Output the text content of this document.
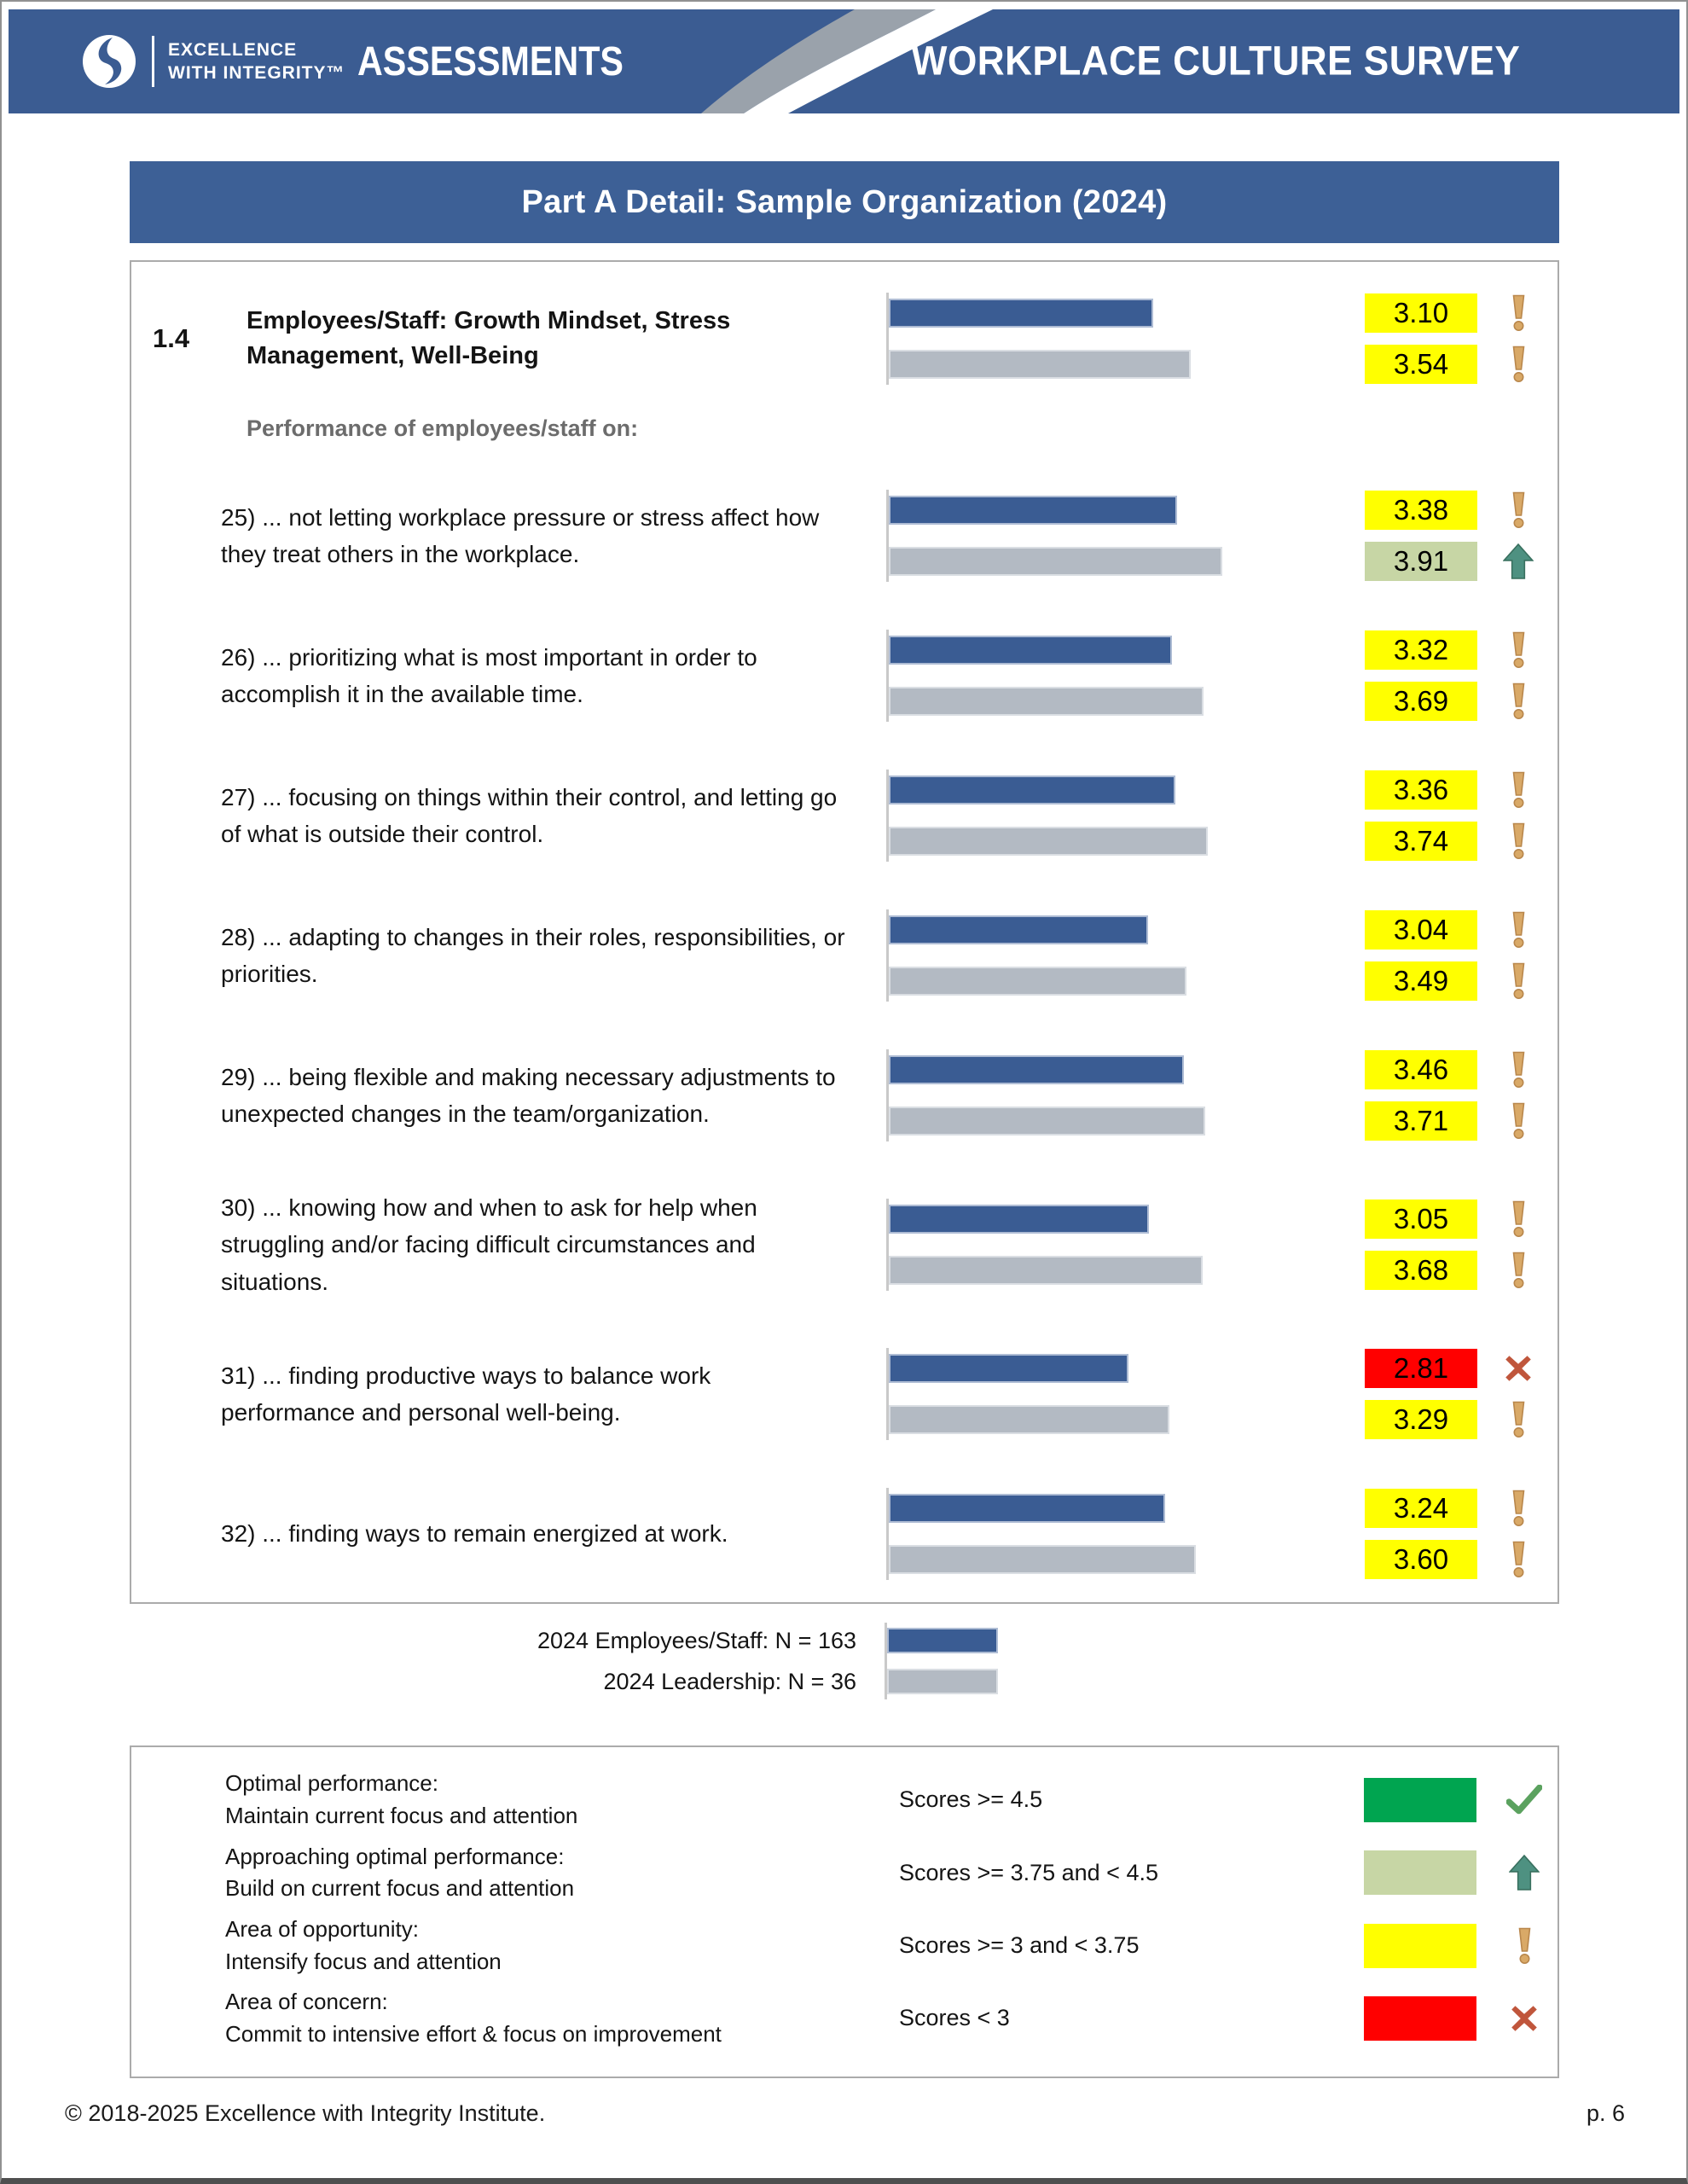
EXCELLENCE
WITH INTEGRITY™ ASSESSMENTS	WORKPLACE CULTURE SURVEY
Part A Detail: Sample Organization (2024)
1.4
Employees/Staff: Growth Mindset, Stress Management, Well-Being
3.10
3.54
Performance of employees/staff on:
25) ... not letting workplace pressure or stress affect how they treat others in the workplace.
3.38
3.91
26) ... prioritizing what is most important in order to accomplish it in the available time.
3.32
3.69
27) ... focusing on things within their control, and letting go of what is outside their control.
3.36
3.74
28) ... adapting to changes in their roles, responsibilities, or priorities.
3.04
3.49
29) ... being flexible and making necessary adjustments to unexpected changes in the team/organization.
3.46
3.71
30) ... knowing how and when to ask for help when struggling and/or facing difficult circumstances and situations.
3.05
3.68
31) ... finding productive ways to balance work performance and personal well-being.
2.81
3.29
32) ... finding ways to remain energized at work.
3.24
3.60
2024 Employees/Staff: N = 163
2024 Leadership: N = 36
Optimal performance:
Maintain current focus and attention
Scores >= 4.5
Approaching optimal performance:
Build on current focus and attention
Scores >= 3.75 and < 4.5
Area of opportunity:
Intensify focus and attention
Scores >= 3 and < 3.75
Area of concern:
Commit to intensive effort & focus on improvement
Scores < 3
© 2018-2025 Excellence with Integrity Institute.	p. 6
